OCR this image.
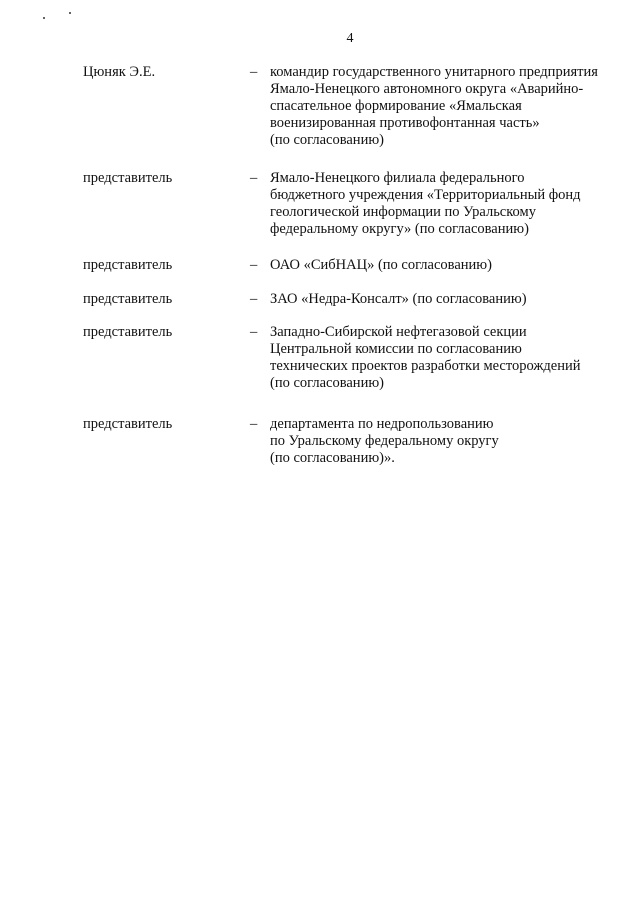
4
Цюняк Э.Е.	– командир государственного унитарного предприятия
Ямало-Ненецкого автономного округа «Аварийно-
спасательное формирование «Ямальская
военизированная противофонтанная часть»
(по согласованию)
представитель	– Ямало-Ненецкого филиала федерального
бюджетного учреждения «Территориальный фонд
геологической информации по Уральскому
федеральному округу» (по согласованию)
представитель	– ОАО «СибНАЦ» (по согласованию)
представитель	– ЗАО «Недра-Консалт» (по согласованию)
представитель	– Западно-Сибирской нефтегазовой секции
Центральной комиссии по согласованию
технических проектов разработки месторождений
(по согласованию)
представитель	– департамента по недропользованию
по Уральскому федеральному округу
(по согласованию)».
